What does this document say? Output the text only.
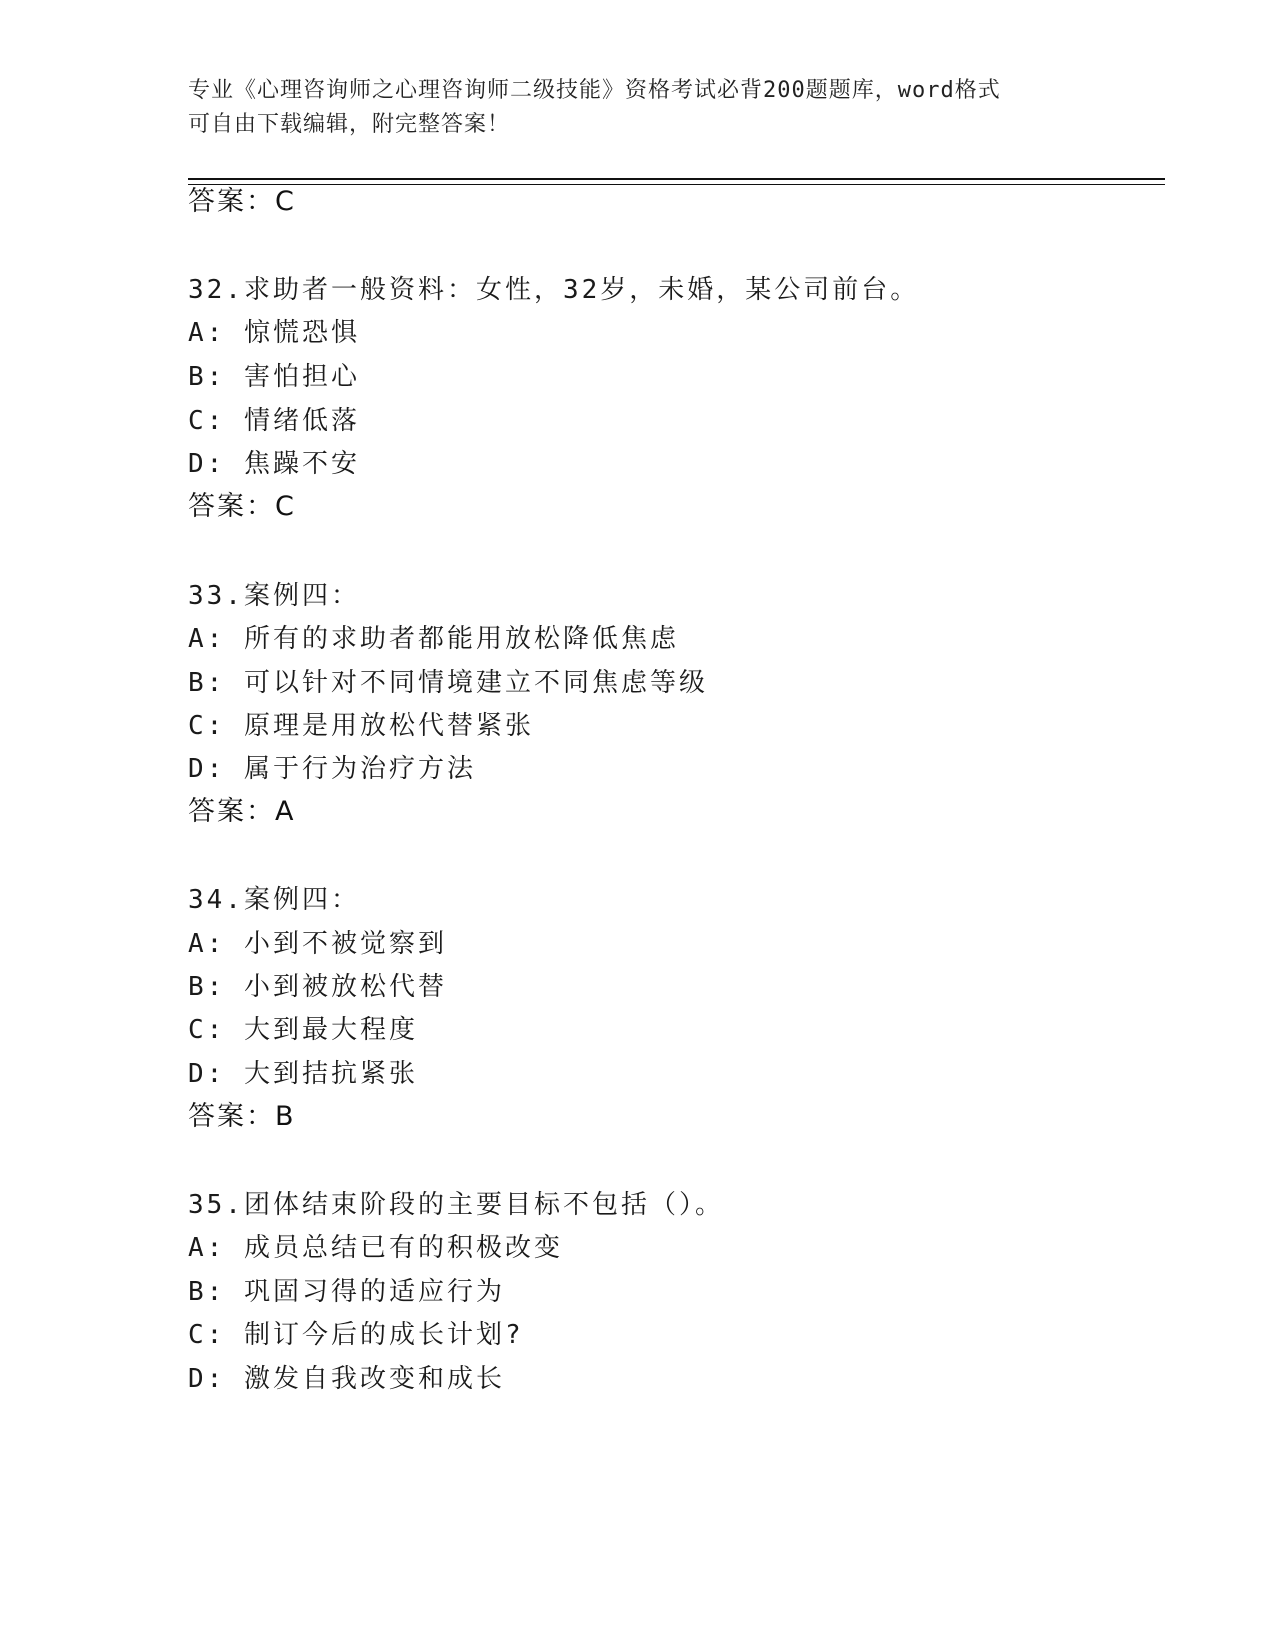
专业《心理咨询师之心理咨询师二级技能》资格考试必背200题题库，word格式
可自由下载编辑，附完整答案！
答案：C
32.求助者一般资料：女性，32岁，未婚，某公司前台。
A: 惊慌恐惧
B: 害怕担心
C: 情绪低落
D: 焦躁不安
答案：C
33.案例四：
A: 所有的求助者都能用放松降低焦虑
B: 可以针对不同情境建立不同焦虑等级
C: 原理是用放松代替紧张
D: 属于行为治疗方法
答案：A
34.案例四：
A: 小到不被觉察到
B: 小到被放松代替
C: 大到最大程度
D: 大到拮抗紧张
答案：B
35.团体结束阶段的主要目标不包括（）。
A: 成员总结已有的积极改变
B: 巩固习得的适应行为
C: 制订今后的成长计划?
D: 激发自我改变和成长
